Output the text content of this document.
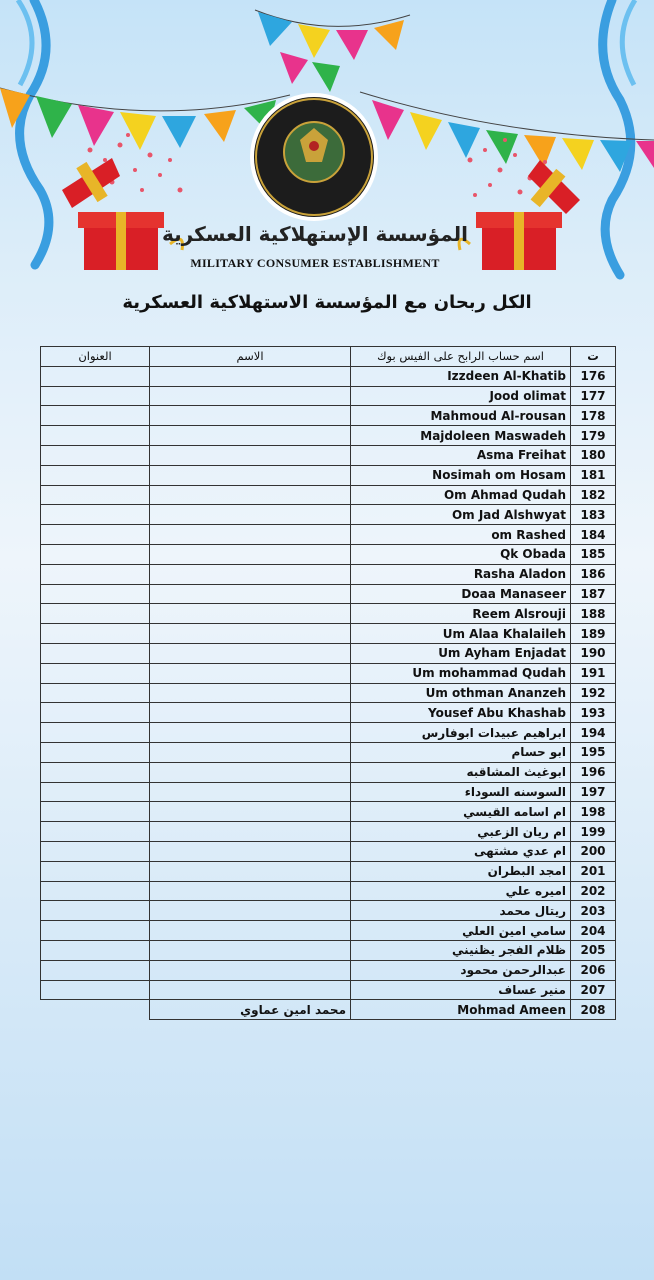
المؤسسة الإستهلاكية العسكرية
MILITARY CONSUMER ESTABLISHMENT
الكل ربحان مع المؤسسة الاستهلاكية العسكرية
العنوان	الاسم	اسم حساب الرابح على الفيس بوك	ت
		Izzdeen Al-Khatib	176
		Jood olimat	177
		Mahmoud Al-rousan	178
		Majdoleen Maswadeh	179
		Asma Freihat	180
		Nosimah om Hosam	181
		Om Ahmad Qudah	182
		Om Jad Alshwyat	183
		om Rashed	184
		Qk Obada	185
		Rasha Aladon	186
		Doaa Manaseer	187
		Reem Alsrouji	188
		Um Alaa Khalaileh	189
		Um Ayham Enjadat	190
		Um mohammad Qudah	191
		Um othman Ananzeh	192
		Yousef Abu Khashab	193
		ابراهيم عبيدات ابوفارس	194
		ابو حسام	195
		ابوغيث المشاقبه	196
		السوسنه السوداء	197
		ام اسامه القيسي	198
		ام ريان الزعبي	199
		ام عدي مشتهى	200
		امجد البطران	201
		اميره علي	202
		ريتال محمد	203
		سامي امين العلي	204
		ظلام الفجر يظنيني	205
		عبدالرحمن محمود	206
		منير عساف	207
	محمد امين عماوي	Mohmad Ameen	208
